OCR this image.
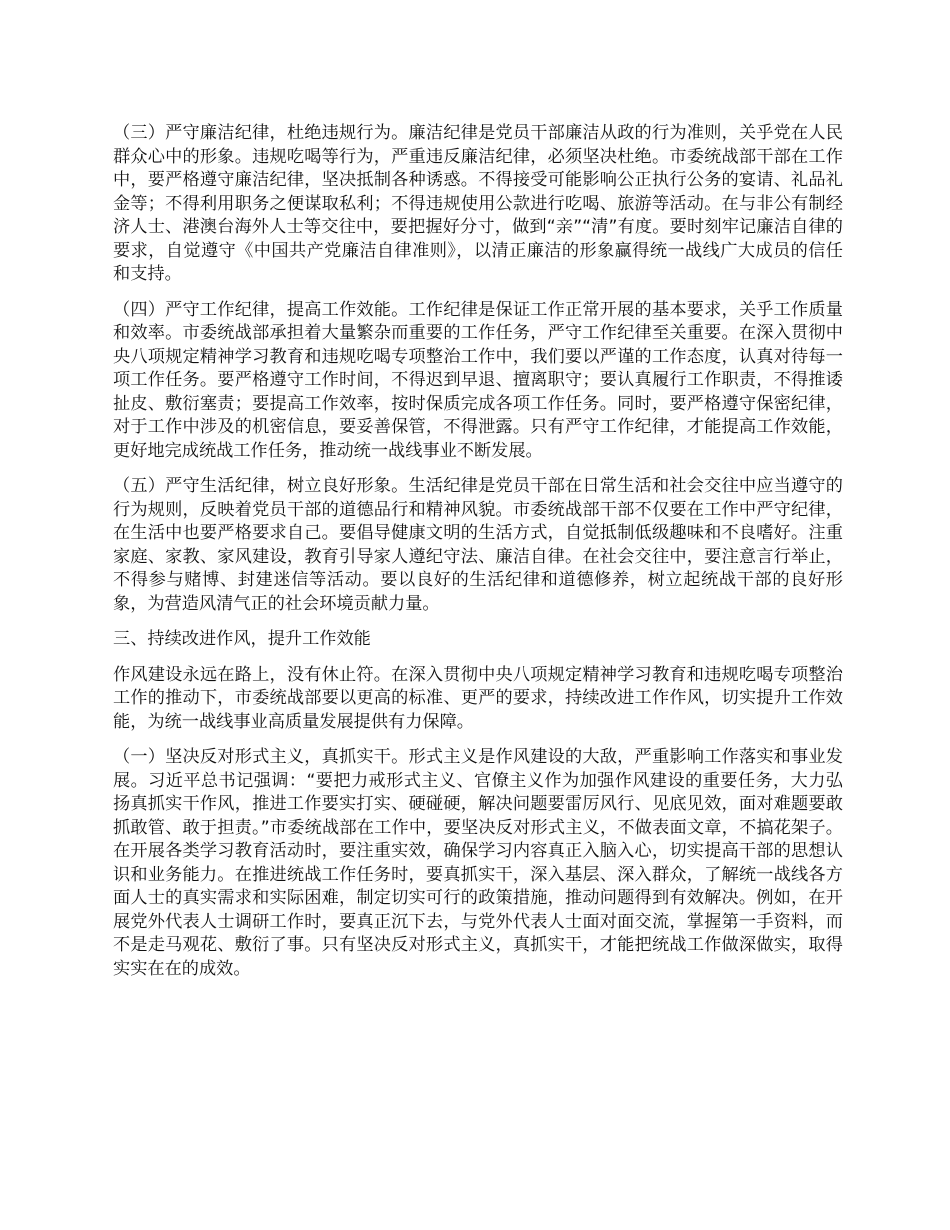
（三）严守廉洁纪律，杜绝违规行为。廉洁纪律是党员干部廉洁从政的行为准则，关乎党在人民群众心中的形象。违规吃喝等行为，严重违反廉洁纪律，必须坚决杜绝。市委统战部干部在工作中，要严格遵守廉洁纪律，坚决抵制各种诱惑。不得接受可能影响公正执行公务的宴请、礼品礼金等；不得利用职务之便谋取私利；不得违规使用公款进行吃喝、旅游等活动。在与非公有制经济人士、港澳台海外人士等交往中，要把握好分寸，做到“亲”“清”有度。要时刻牢记廉洁自律的要求，自觉遵守《中国共产党廉洁自律准则》，以清正廉洁的形象赢得统一战线广大成员的信任和支持。

（四）严守工作纪律，提高工作效能。工作纪律是保证工作正常开展的基本要求，关乎工作质量和效率。市委统战部承担着大量繁杂而重要的工作任务，严守工作纪律至关重要。在深入贯彻中央八项规定精神学习教育和违规吃喝专项整治工作中，我们要以严谨的工作态度，认真对待每一项工作任务。要严格遵守工作时间，不得迟到早退、擅离职守；要认真履行工作职责，不得推诿扯皮、敷衍塞责；要提高工作效率，按时保质完成各项工作任务。同时，要严格遵守保密纪律，对于工作中涉及的机密信息，要妥善保管，不得泄露。只有严守工作纪律，才能提高工作效能，更好地完成统战工作任务，推动统一战线事业不断发展。

（五）严守生活纪律，树立良好形象。生活纪律是党员干部在日常生活和社会交往中应当遵守的行为规则，反映着党员干部的道德品行和精神风貌。市委统战部干部不仅要在工作中严守纪律，在生活中也要严格要求自己。要倡导健康文明的生活方式，自觉抵制低级趣味和不良嗜好。注重家庭、家教、家风建设，教育引导家人遵纪守法、廉洁自律。在社会交往中，要注意言行举止，不得参与赌博、封建迷信等活动。要以良好的生活纪律和道德修养，树立起统战干部的良好形象，为营造风清气正的社会环境贡献力量。

三、持续改进作风，提升工作效能

作风建设永远在路上，没有休止符。在深入贯彻中央八项规定精神学习教育和违规吃喝专项整治工作的推动下，市委统战部要以更高的标准、更严的要求，持续改进工作作风，切实提升工作效能，为统一战线事业高质量发展提供有力保障。

（一）坚决反对形式主义，真抓实干。形式主义是作风建设的大敌，严重影响工作落实和事业发展。习近平总书记强调：“要把力戒形式主义、官僚主义作为加强作风建设的重要任务，大力弘扬真抓实干作风，推进工作要实打实、硬碰硬，解决问题要雷厉风行、见底见效，面对难题要敢抓敢管、敢于担责。”市委统战部在工作中，要坚决反对形式主义，不做表面文章，不搞花架子。在开展各类学习教育活动时，要注重实效，确保学习内容真正入脑入心，切实提高干部的思想认识和业务能力。在推进统战工作任务时，要真抓实干，深入基层、深入群众，了解统一战线各方面人士的真实需求和实际困难，制定切实可行的政策措施，推动问题得到有效解决。例如，在开展党外代表人士调研工作时，要真正沉下去，与党外代表人士面对面交流，掌握第一手资料，而不是走马观花、敷衍了事。只有坚决反对形式主义，真抓实干，才能把统战工作做深做实，取得实实在在的成效。
